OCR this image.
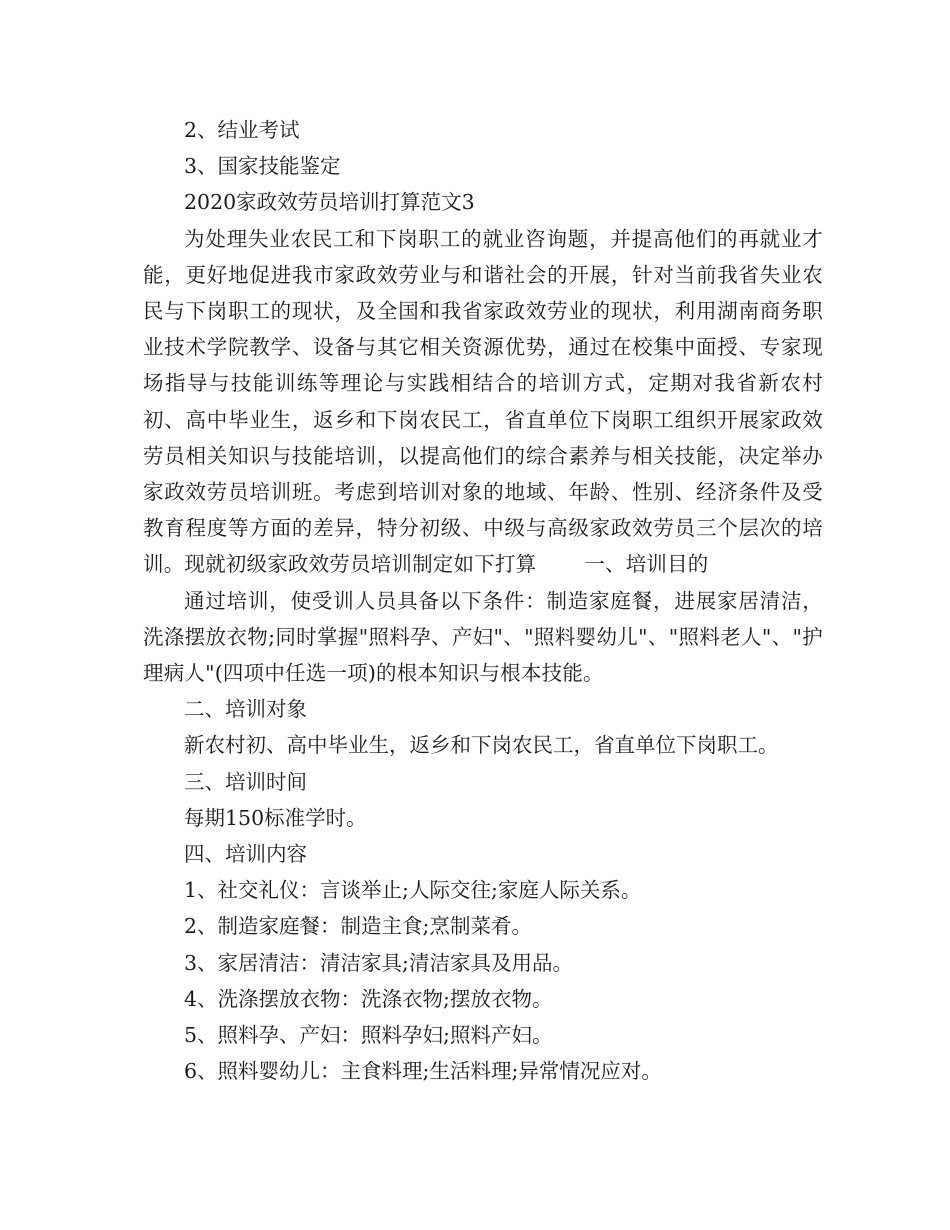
2、结业考试

3、国家技能鉴定

2020家政效劳员培训打算范文3

为处理失业农民工和下岗职工的就业咨询题，并提高他们的再就业才能，更好地促进我市家政效劳业与和谐社会的开展，针对当前我省失业农民与下岗职工的现状，及全国和我省家政效劳业的现状，利用湖南商务职业技术学院教学、设备与其它相关资源优势，通过在校集中面授、专家现场指导与技能训练等理论与实践相结合的培训方式，定期对我省新农村初、高中毕业生，返乡和下岗农民工，省直单位下岗职工组织开展家政效劳员相关知识与技能培训，以提高他们的综合素养与相关技能，决定举办家政效劳员培训班。考虑到培训对象的地域、年龄、性别、经济条件及受教育程度等方面的差异，特分初级、中级与高级家政效劳员三个层次的培训。现就初级家政效劳员培训制定如下打算 一、培训目的

通过培训，使受训人员具备以下条件：制造家庭餐，进展家居清洁，洗涤摆放衣物;同时掌握"照料孕、产妇"、"照料婴幼儿"、"照料老人"、"护理病人"(四项中任选一项)的根本知识与根本技能。

二、培训对象

新农村初、高中毕业生，返乡和下岗农民工，省直单位下岗职工。

三、培训时间

每期150标准学时。

四、培训内容

1、社交礼仪：言谈举止;人际交往;家庭人际关系。

2、制造家庭餐：制造主食;烹制菜肴。

3、家居清洁：清洁家具;清洁家具及用品。

4、洗涤摆放衣物：洗涤衣物;摆放衣物。

5、照料孕、产妇：照料孕妇;照料产妇。

6、照料婴幼儿：主食料理;生活料理;异常情况应对。
